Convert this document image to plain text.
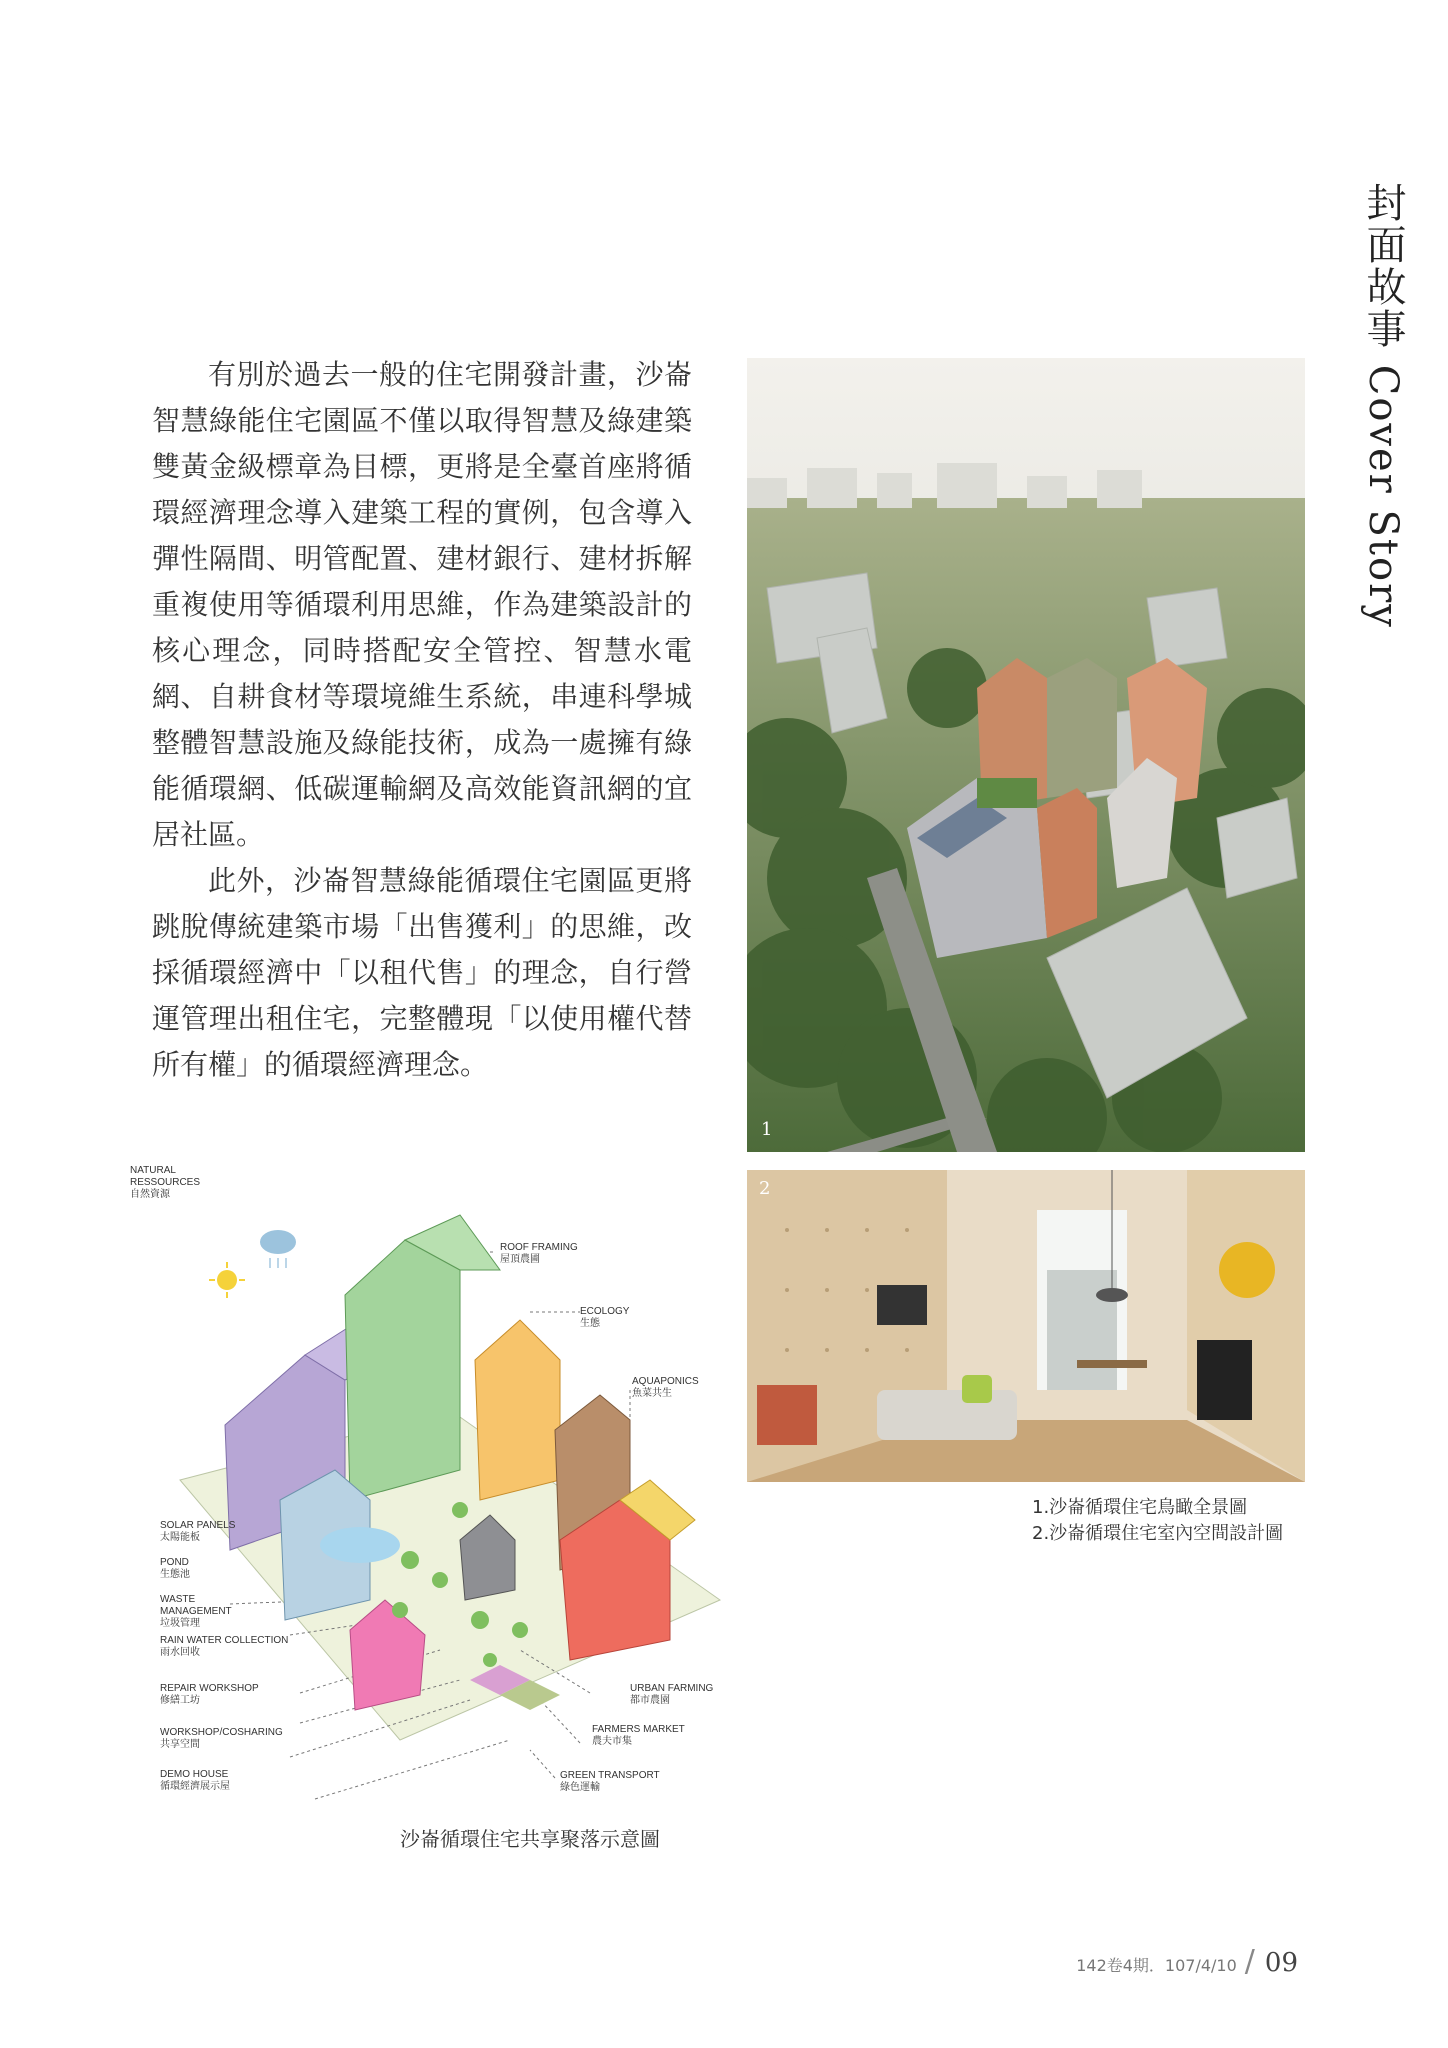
封面故事 Cover Story

有別於過去一般的住宅開發計畫，沙崙智慧綠能住宅園區不僅以取得智慧及綠建築雙黃金級標章為目標，更將是全臺首座將循環經濟理念導入建築工程的實例，包含導入彈性隔間、明管配置、建材銀行、建材拆解重複使用等循環利用思維，作為建築設計的核心理念，同時搭配安全管控、智慧水電網、自耕食材等環境維生系統，串連科學城整體智慧設施及綠能技術，成為一處擁有綠能循環網、低碳運輸網及高效能資訊網的宜居社區。

此外，沙崙智慧綠能循環住宅園區更將跳脫傳統建築市場「出售獲利」的思維，改採循環經濟中「以租代售」的理念，自行營運管理出租住宅，完整體現「以使用權代替所有權」的循環經濟理念。

1
2
1.沙崙循環住宅鳥瞰全景圖
2.沙崙循環住宅室內空間設計圖
NATURAL
RESSOURCES
自然資源
ROOF FRAMING
屋頂農圃
ECOLOGY
生態
AQUAPONICS
魚菜共生
SOLAR PANELS
太陽能板
POND
生態池
WASTE
MANAGEMENT
垃圾管理
RAIN WATER COLLECTION
雨水回收
REPAIR WORKSHOP
修繕工坊
WORKSHOP/COSHARING
共享空間
DEMO HOUSE
循環經濟展示屋
URBAN FARMING
都市農園
FARMERS MARKET
農夫市集
GREEN TRANSPORT
綠色運輸
沙崙循環住宅共享聚落示意圖
142卷4期．107/4/10 / 09
